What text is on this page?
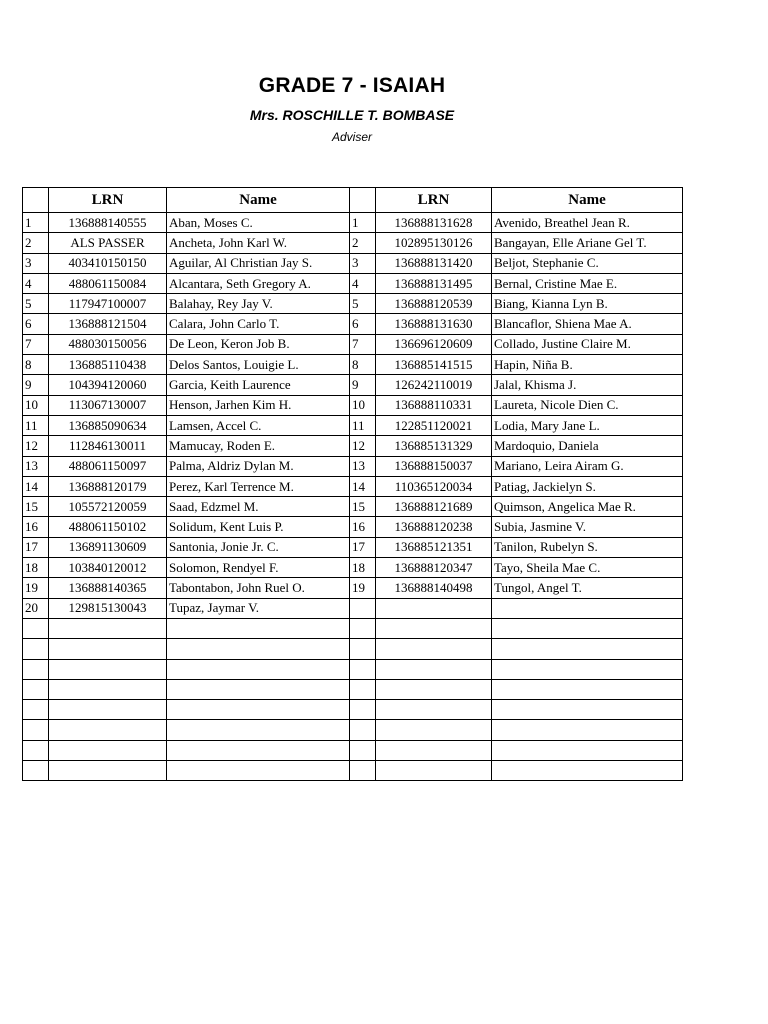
GRADE 7 - ISAIAH
Mrs. ROSCHILLE T. BOMBASE
Adviser
	LRN	Name		LRN	Name
1	136888140555	Aban, Moses C.	1	136888131628	Avenido, Breathel Jean R.
2	ALS PASSER	Ancheta, John Karl W.	2	102895130126	Bangayan, Elle Ariane Gel T.
3	403410150150	Aguilar, Al Christian Jay S.	3	136888131420	Beljot, Stephanie C.
4	488061150084	Alcantara, Seth Gregory A.	4	136888131495	Bernal, Cristine Mae E.
5	117947100007	Balahay, Rey Jay V.	5	136888120539	Biang, Kianna Lyn B.
6	136888121504	Calara, John Carlo T.	6	136888131630	Blancaflor, Shiena Mae A.
7	488030150056	De Leon, Keron Job B.	7	136696120609	Collado, Justine Claire M.
8	136885110438	Delos Santos, Louigie L.	8	136885141515	Hapin, Niña B.
9	104394120060	Garcia, Keith Laurence	9	126242110019	Jalal, Khisma J.
10	113067130007	Henson, Jarhen Kim H.	10	136888110331	Laureta, Nicole Dien C.
11	136885090634	Lamsen, Accel C.	11	122851120021	Lodia, Mary Jane L.
12	112846130011	Mamucay, Roden E.	12	136885131329	Mardoquio, Daniela
13	488061150097	Palma, Aldriz Dylan M.	13	136888150037	Mariano, Leira Airam G.
14	136888120179	Perez, Karl Terrence M.	14	110365120034	Patiag, Jackielyn S.
15	105572120059	Saad, Edzmel M.	15	136888121689	Quimson, Angelica Mae R.
16	488061150102	Solidum, Kent Luis P.	16	136888120238	Subia, Jasmine V.
17	136891130609	Santonia, Jonie Jr. C.	17	136885121351	Tanilon, Rubelyn S.
18	103840120012	Solomon, Rendyel F.	18	136888120347	Tayo, Sheila Mae C.
19	136888140365	Tabontabon, John Ruel O.	19	136888140498	Tungol, Angel T.
20	129815130043	Tupaz, Jaymar V.			
